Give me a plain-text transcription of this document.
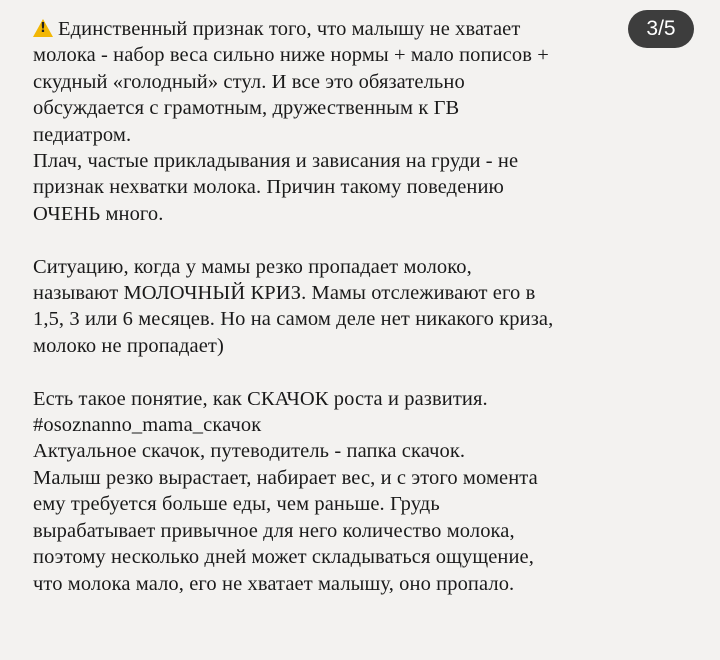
!Единственный признак того, что малышу не хватает
молока - набор веса сильно ниже нормы + мало пописов +
скудный «голодный» стул. И все это обязательно
обсуждается с грамотным, дружественным к ГВ
педиатром.
Плач, частые прикладывания и зависания на груди - не
признак нехватки молока. Причин такому поведению
ОЧЕНЬ много.
Ситуацию, когда у мамы резко пропадает молоко,
называют МОЛОЧНЫЙ КРИЗ. Мамы отслеживают его в
1,5, 3 или 6 месяцев. Но на самом деле нет никакого криза,
молоко не пропадает)
Есть такое понятие, как СКАЧОК роста и развития.
#osoznanno_mama_скачок
Актуальное скачок, путеводитель - папка скачок.
Малыш резко вырастает, набирает вес, и с этого момента
ему требуется больше еды, чем раньше. Грудь
вырабатывает привычное для него количество молока,
поэтому несколько дней может складываться ощущение,
что молока мало, его не хватает малышу, оно пропало.
3/5
